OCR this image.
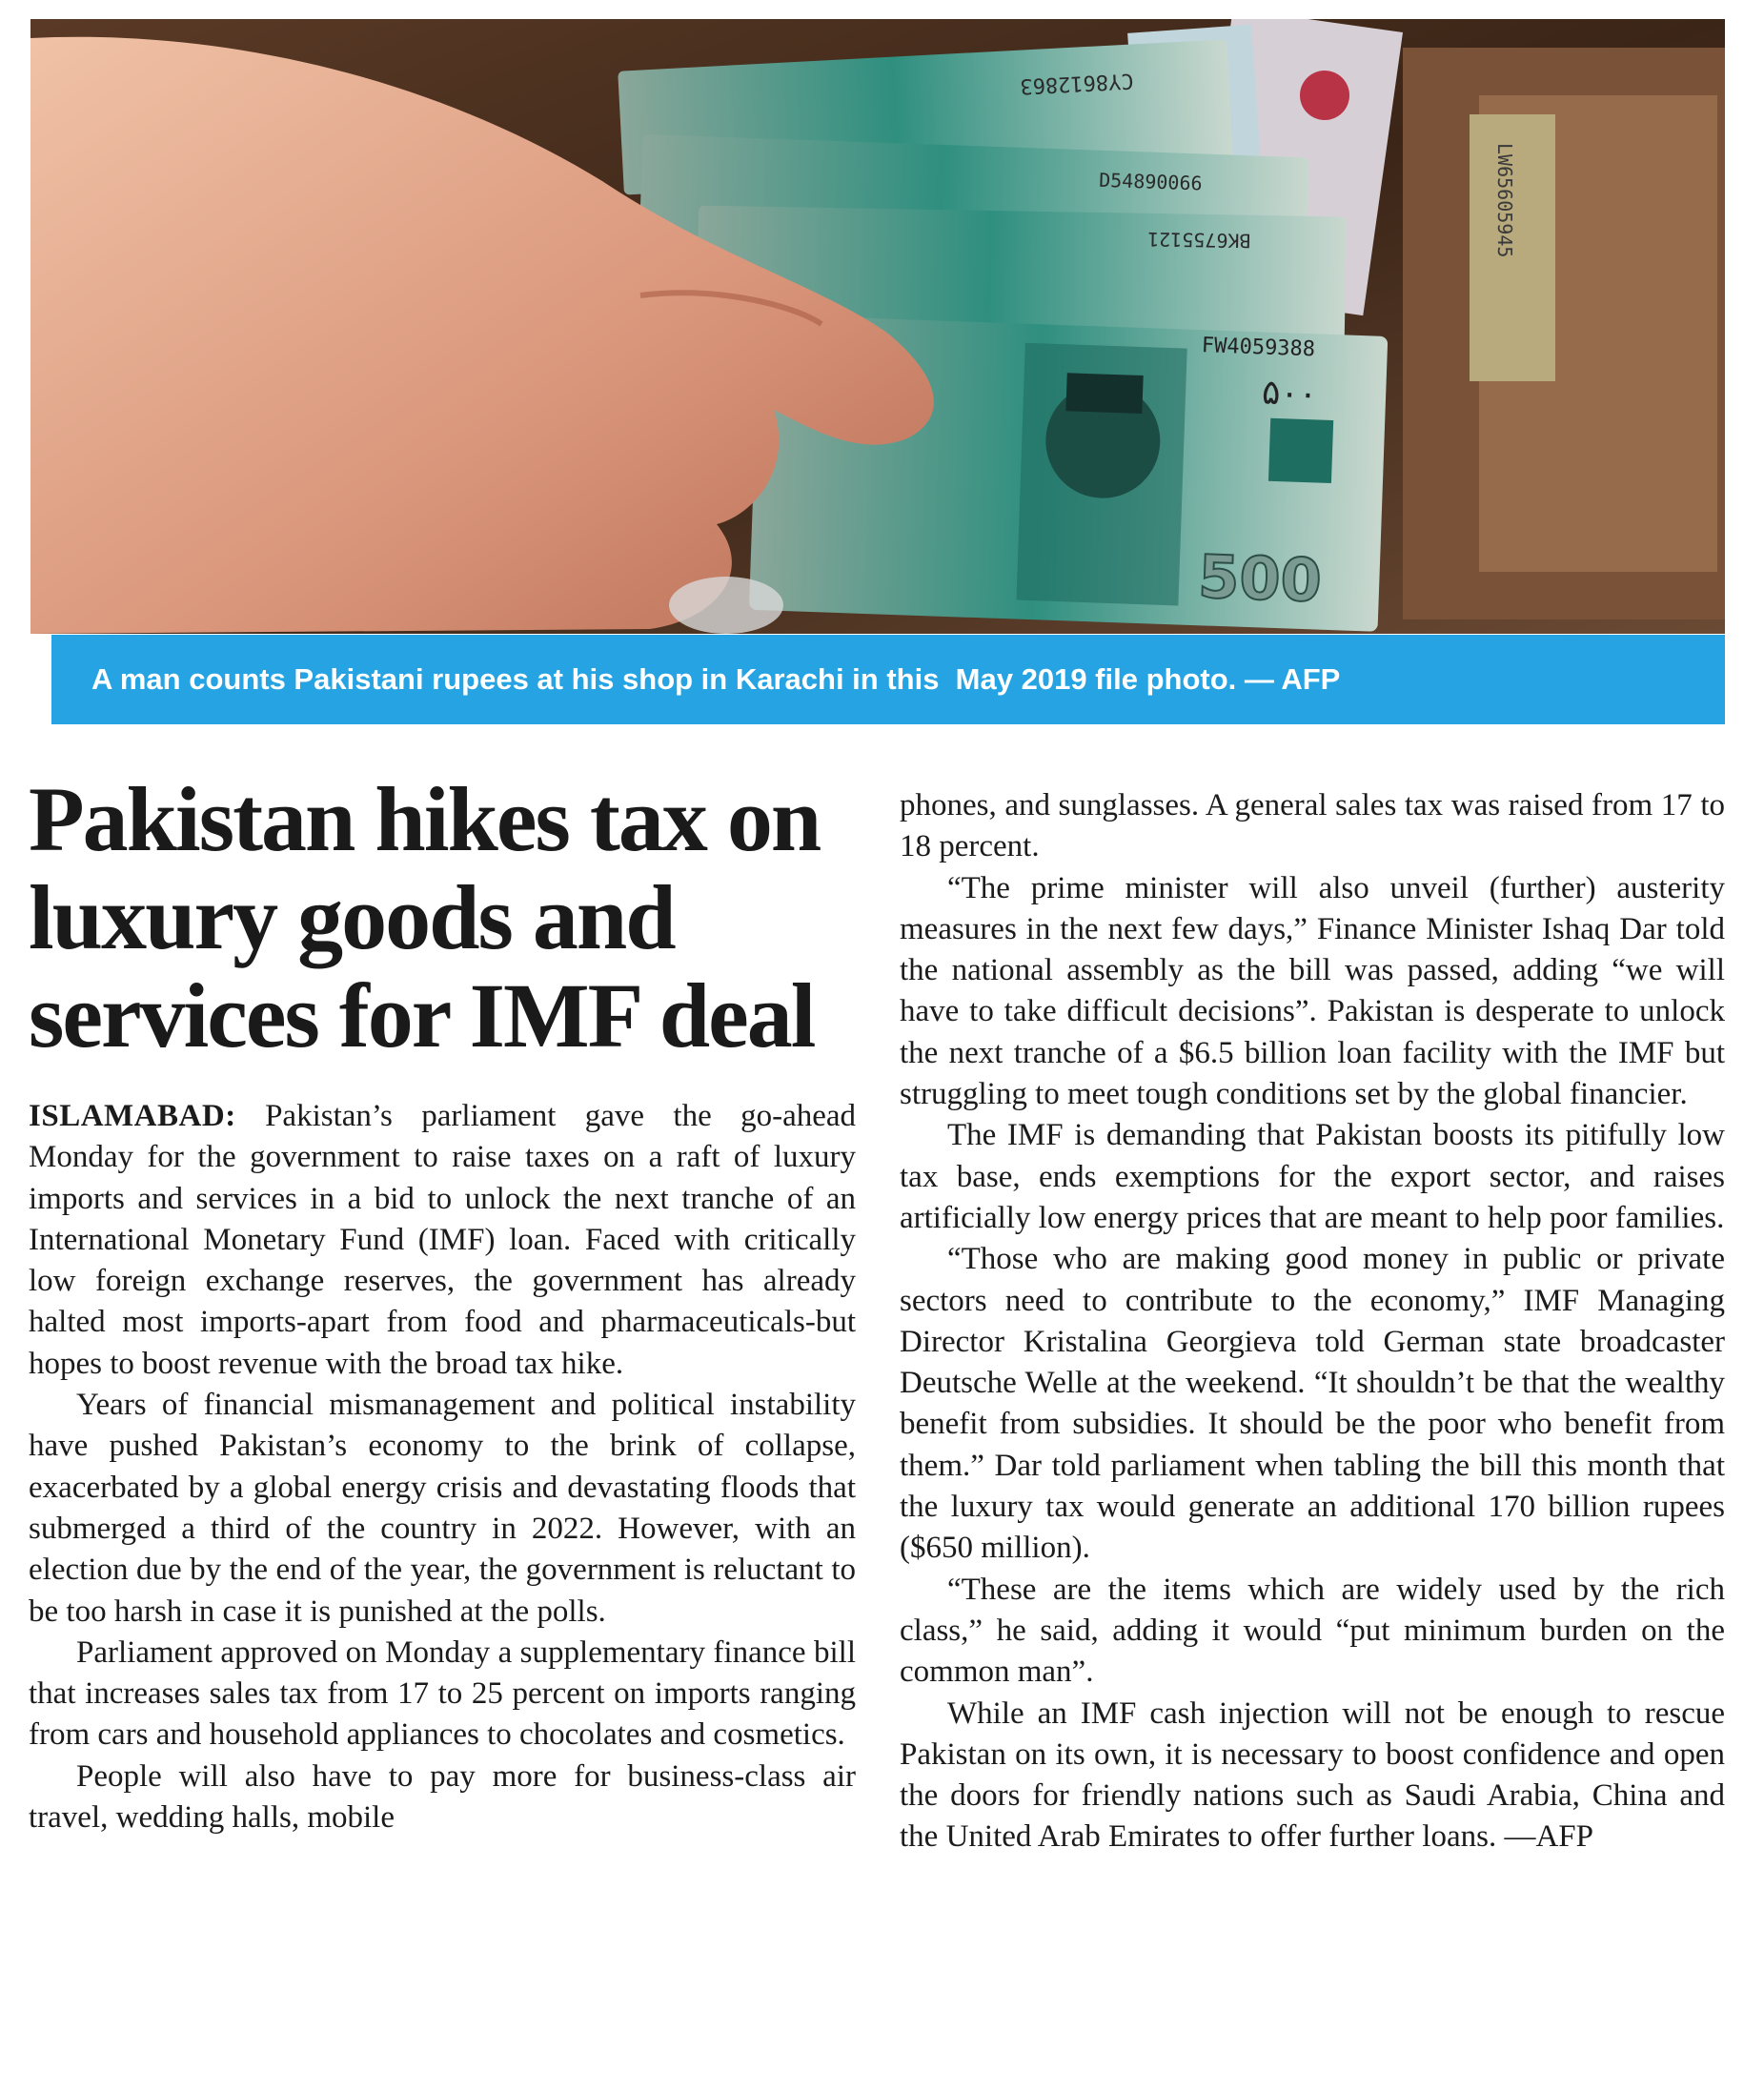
LW65605945
CY8612863
D54890066
BK6755121
FW4059388
۵۰۰
500
A man counts Pakistani rupees at his shop in Karachi in this  May 2019 file photo. — AFP
Pakistan hikes tax on luxury goods and services for IMF deal

ISLAMABAD: Pakistan’s parliament gave the go-ahead Monday for the government to raise taxes on a raft of luxury imports and services in a bid to unlock the next tranche of an International Monetary Fund (IMF) loan. Faced with critically low foreign exchange reserves, the government has already halted most imports-apart from food and pharmaceuticals-but hopes to boost revenue with the broad tax hike.

Years of financial mismanagement and political instability have pushed Pakistan’s economy to the brink of collapse, exacerbated by a global energy crisis and devastating floods that submerged a third of the country in 2022. However, with an election due by the end of the year, the government is reluctant to be too harsh in case it is punished at the polls.

Parliament approved on Monday a supplementary finance bill that increases sales tax from 17 to 25 percent on imports ranging from cars and household appliances to chocolates and cosmetics.

People will also have to pay more for business-class air travel, wedding halls, mobile

phones, and sunglasses. A general sales tax was raised from 17 to 18 percent.

“The prime minister will also unveil (further) austerity measures in the next few days,” Finance Minister Ishaq Dar told the national assembly as the bill was passed, adding “we will have to take difficult decisions”. Pakistan is desperate to unlock the next tranche of a $6.5 billion loan facility with the IMF but struggling to meet tough conditions set by the global financier.

The IMF is demanding that Pakistan boosts its pitifully low tax base, ends exemptions for the export sector, and raises artificially low energy prices that are meant to help poor families.

“Those who are making good money in public or private sectors need to contribute to the economy,” IMF Managing Director Kristalina Georgieva told German state broadcaster Deutsche Welle at the weekend. “It shouldn’t be that the wealthy benefit from subsidies. It should be the poor who benefit from them.” Dar told parliament when tabling the bill this month that the luxury tax would generate an additional 170 billion rupees ($650 million).

“These are the items which are widely used by the rich class,” he said, adding it would “put minimum burden on the common man”.

While an IMF cash injection will not be enough to rescue Pakistan on its own, it is necessary to boost confidence and open the doors for friendly nations such as Saudi Arabia, China and the United Arab Emirates to offer further loans. —AFP
